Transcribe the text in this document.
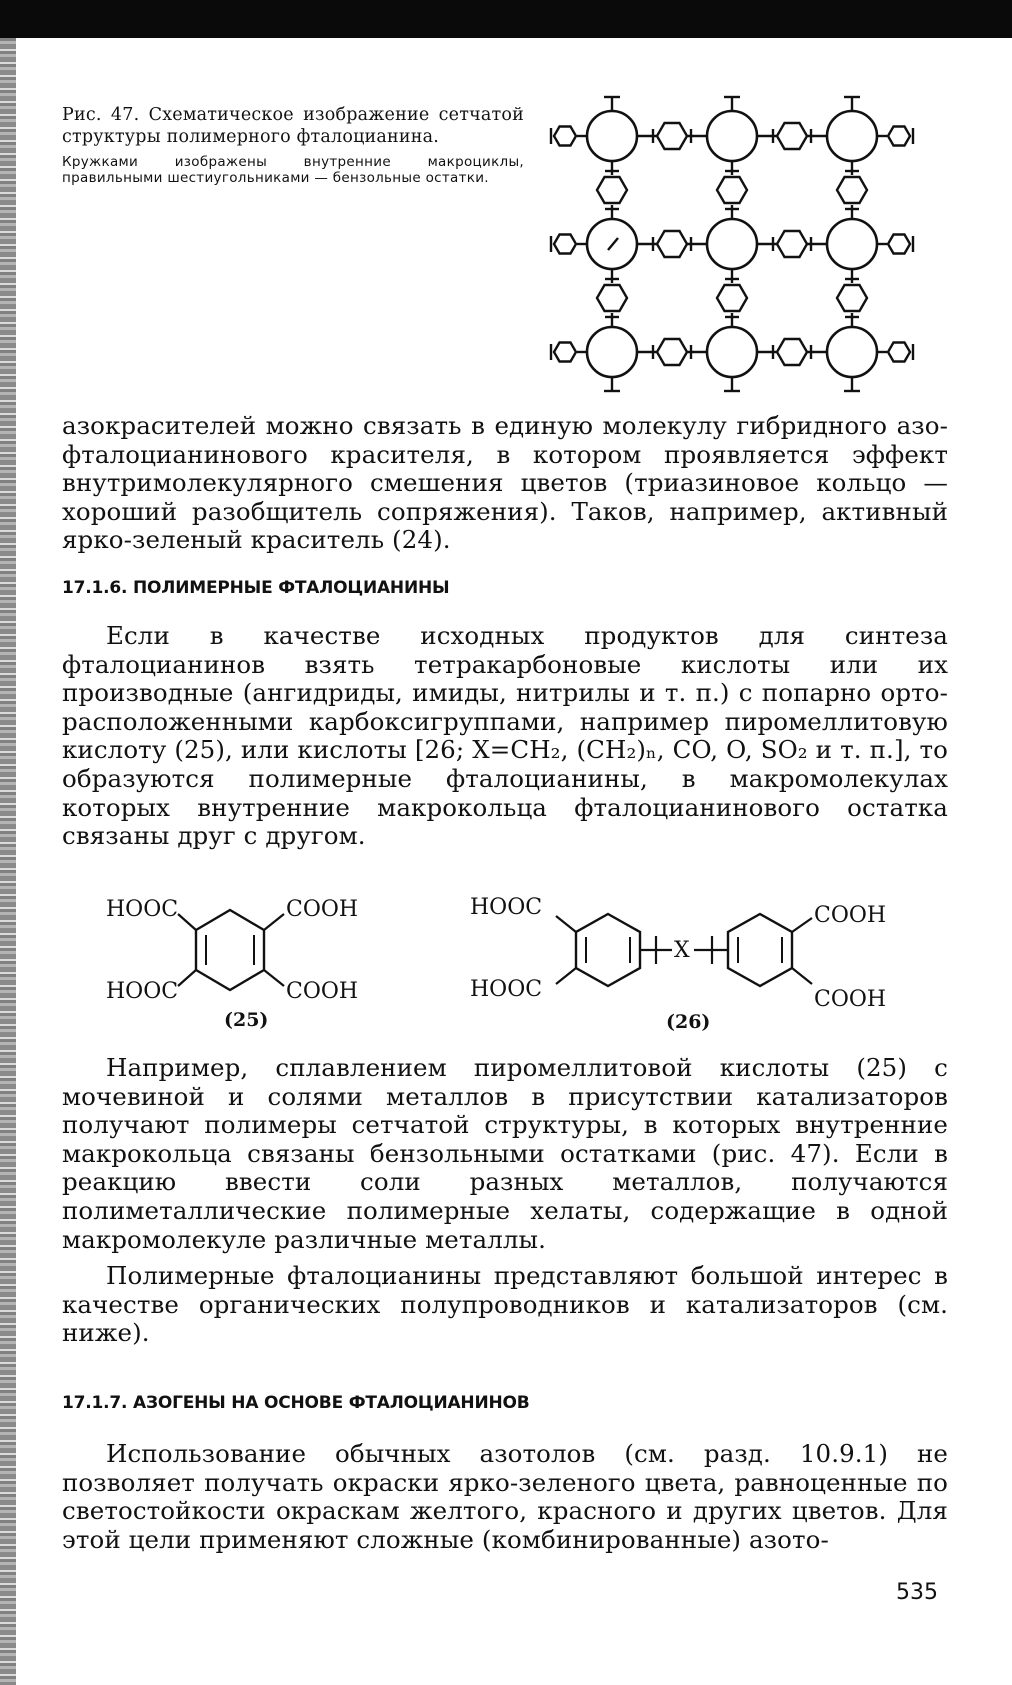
Рис. 47. Схематическое изображение сетчатой структуры полимерного фталоцианина.
Кружками изображены внутренние макроциклы, правильными шестиугольниками — бензольные остатки.
азокрасителей можно связать в единую молекулу гибридного азо-фталоцианинового красителя, в котором проявляется эффект внутримолекулярного смешения цветов (триазиновое кольцо — хороший разобщитель сопряжения). Таков, например, активный ярко-зеленый краситель (24).
17.1.6. ПОЛИМЕРНЫЕ ФТАЛОЦИАНИНЫ
Если в качестве исходных продуктов для синтеза фталоцианинов взять тетракарбоновые кислоты или их производные (ангидриды, имиды, нитрилы и т. п.) с попарно орто-расположенными карбоксигруппами, например пиромеллитовую кислоту (25), или кислоты [26; X=CH₂, (CH₂)ₙ, CO, O, SO₂ и т. п.], то образуются полимерные фталоцианины, в макромолекулах которых внутренние макрокольца фталоцианинового остатка связаны друг с другом.
HOOC	COOH
HOOC	COOH
(25)
X
HOOC
HOOC
COOH
COOH
(26)
Например, сплавлением пиромеллитовой кислоты (25) с мочевиной и солями металлов в присутствии катализаторов получают полимеры сетчатой структуры, в которых внутренние макрокольца связаны бензольными остатками (рис. 47). Если в реакцию ввести соли разных металлов, получаются полиметаллические полимерные хелаты, содержащие в одной макромолекуле различные металлы.
Полимерные фталоцианины представляют большой интерес в качестве органических полупроводников и катализаторов (см. ниже).
17.1.7. АЗОГЕНЫ НА ОСНОВЕ ФТАЛОЦИАНИНОВ
Использование обычных азотолов (см. разд. 10.9.1) не позволяет получать окраски ярко-зеленого цвета, равноценные по светостойкости окраскам желтого, красного и других цветов. Для этой цели применяют сложные (комбинированные) азото-
535
